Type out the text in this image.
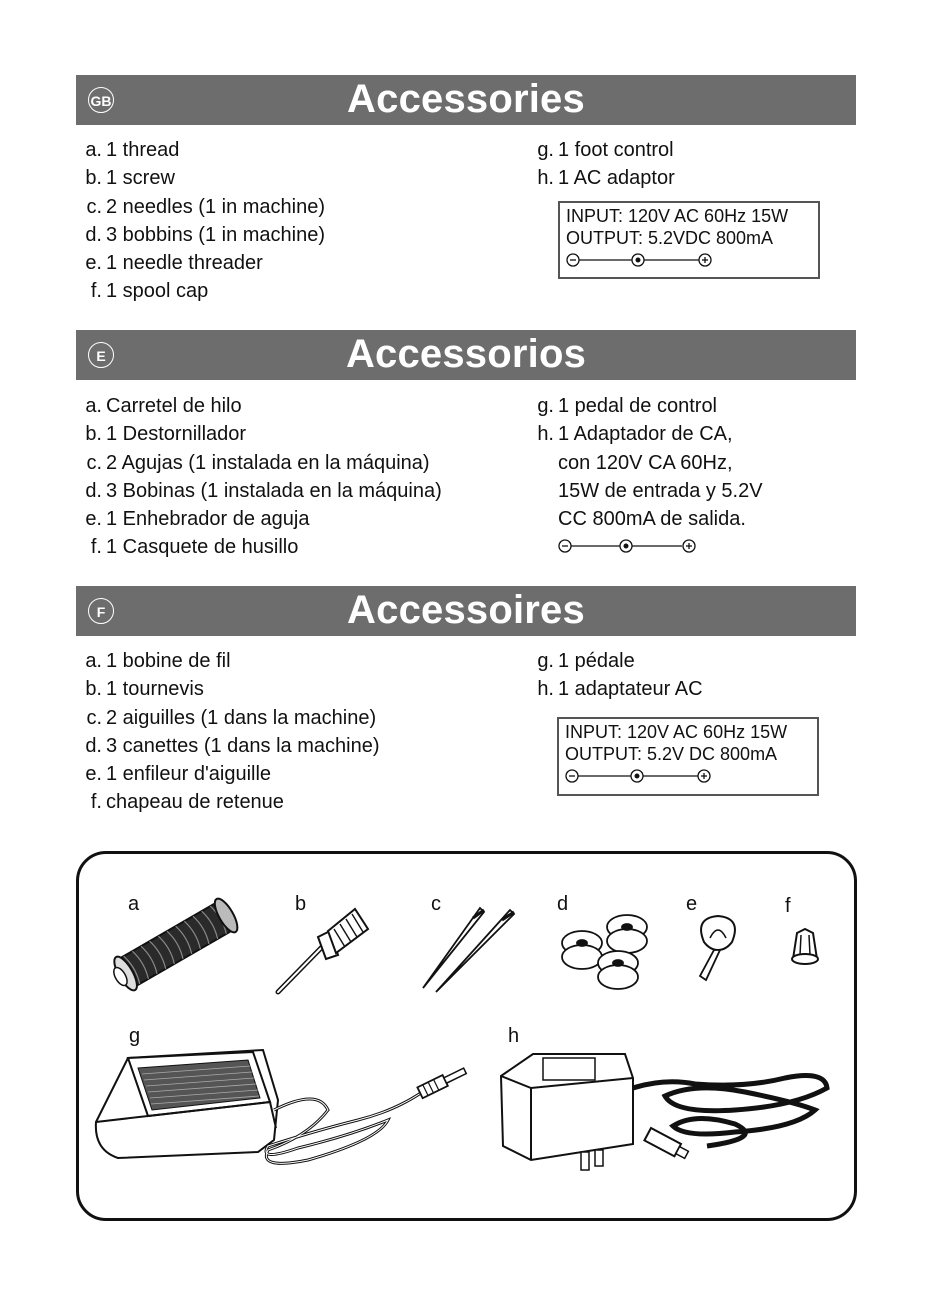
GB	Accessories
a. 1 thread
b. 1 screw
c. 2 needles (1 in machine)
d. 3 bobbins (1 in machine)
e. 1 needle threader
f. 1 spool cap
g. 1 foot control
h. 1 AC adaptor
INPUT: 120V AC 60Hz 15W
OUTPUT: 5.2VDC 800mA
E	Accessorios
a. Carretel de hilo
b. 1 Destornillador
c. 2 Agujas (1 instalada en la máquina)
d. 3 Bobinas (1 instalada en la máquina)
e. 1 Enhebrador de aguja
f. 1 Casquete de husillo
g. 1 pedal de control
h. 1 Adaptador de CA,
con 120V CA 60Hz,
15W de entrada y 5.2V
CC 800mA de salida.
F	Accessoires
a. 1 bobine de fil
b. 1 tournevis
c. 2 aiguilles (1 dans la machine)
d. 3 canettes (1 dans la machine)
e. 1 enfileur d'aiguille
f. chapeau de retenue
g. 1 pédale
h. 1 adaptateur AC
INPUT: 120V AC 60Hz 15W
OUTPUT: 5.2V DC 800mA
a	b	c	d	e	f
g	h
